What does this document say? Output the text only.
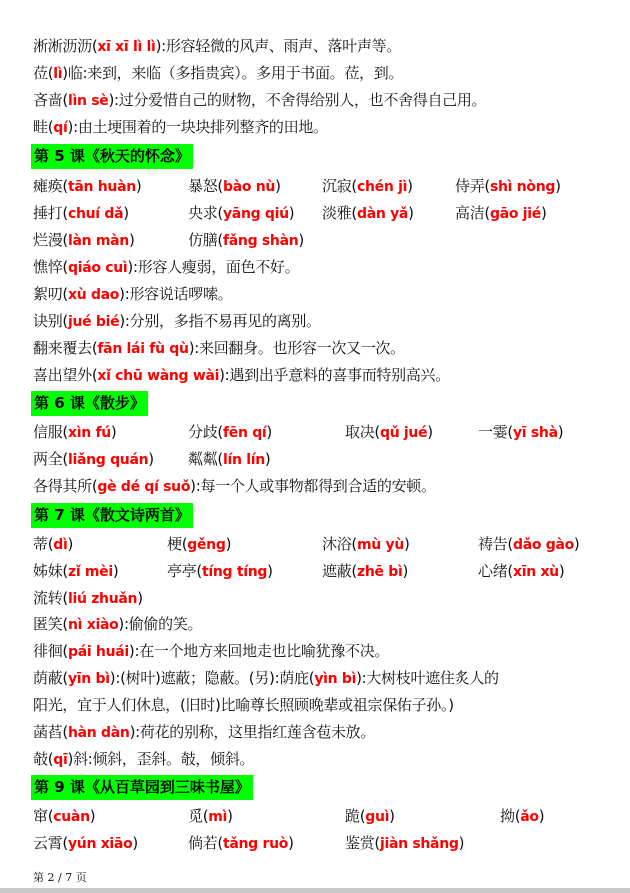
淅淅沥沥(xī xī lì lì):形容轻微的风声、雨声、落叶声等。
莅(lì)临:来到，来临（多指贵宾）。多用于书面。莅，到。
吝啬(lìn sè):过分爱惜自己的财物，不舍得给别人，也不舍得自己用。
畦(qí):由土埂围着的一块块排列整齐的田地。
第 5 课《秋天的怀念》
瘫痪(tān huàn)	暴怒(bào nù)	沉寂(chén jì)	侍弄(shì nòng)
捶打(chuí dǎ)	央求(yāng qiú) 淡雅(dàn yǎ)	高洁(gāo jié)
烂漫(làn màn)	仿膳(fǎng shàn)
憔悴(qiáo cuì):形容人瘦弱，面色不好。
絮叨(xù dao):形容说话啰嗦。
诀别(jué bié):分别，多指不易再见的离别。
翻来覆去(fān lái fù qù):来回翻身。也形容一次又一次。
喜出望外(xǐ chū wàng wài):遇到出乎意料的喜事而特别高兴。
第 6 课《散步》
信服(xìn fú)	分歧(fēn qí)	取决(qǔ jué)	一霎(yī shà)
两全(liǎng quán) 粼粼(lín lín)
各得其所(gè dé qí suǒ):每一个人或事物都得到合适的安顿。
第 7 课《散文诗两首》
蒂(dì)	梗(gěng)	沐浴(mù yù)	祷告(dǎo gào)
姊妹(zǐ mèi)	亭亭(tíng tíng)	遮蔽(zhē bì)	心绪(xīn xù)
流转(liú zhuǎn)
匿笑(nì xiào):偷偷的笑。
徘徊(pái huái):在一个地方来回地走也比喻犹豫不决。
荫蔽(yīn bì):(树叶)遮蔽；隐蔽。(另):荫庇(yìn bì):大树枝叶遮住炙人的
阳光，宜于人们休息，(旧时)比喻尊长照顾晚辈或祖宗保佑子孙。)
菡萏(hàn dàn):荷花的别称，这里指红莲含苞未放。
攲(qī)斜:倾斜，歪斜。攲，倾斜。
第 9 课《从百草园到三味书屋》
窜(cuàn)	觅(mì)	跪(guì)	拗(ǎo)
云霄(yún xiāo)	倘若(tǎng ruò)	鉴赏(jiàn shǎng)
第 2 / 7 页
